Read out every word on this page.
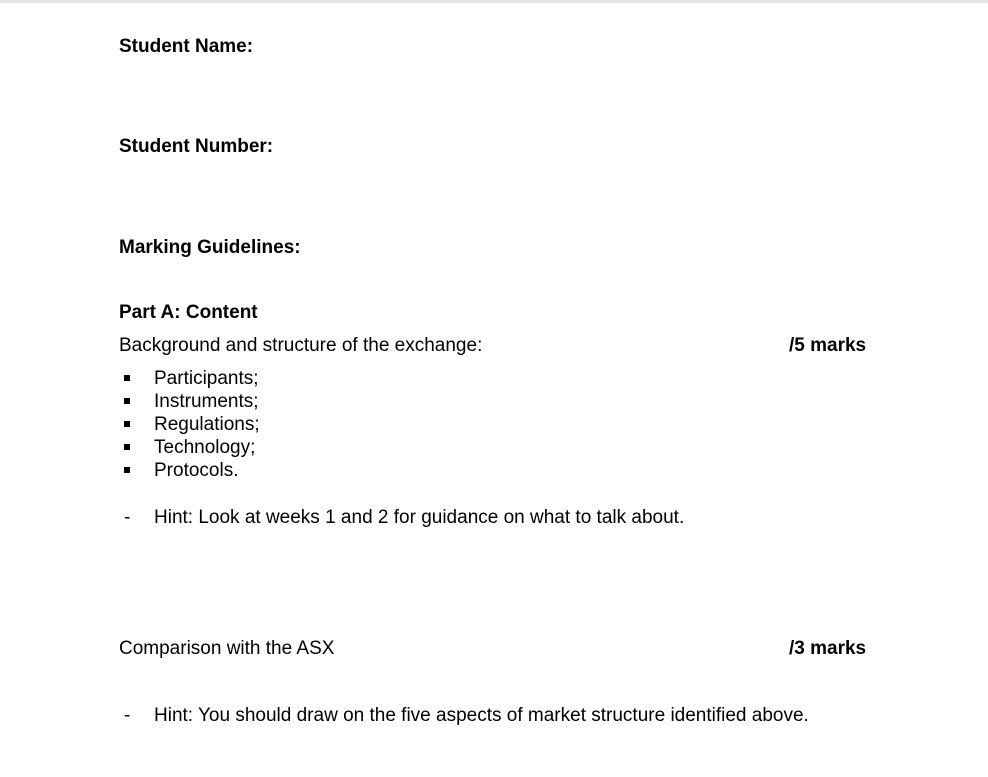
Student Name:
Student Number:
Marking Guidelines:
Part A: Content
Background and structure of the exchange:	/5 marks
Participants;
Instruments;
Regulations;
Technology;
Protocols.
- Hint: Look at weeks 1 and 2 for guidance on what to talk about.
Comparison with the ASX	/3 marks
- Hint: You should draw on the five aspects of market structure identified above.
